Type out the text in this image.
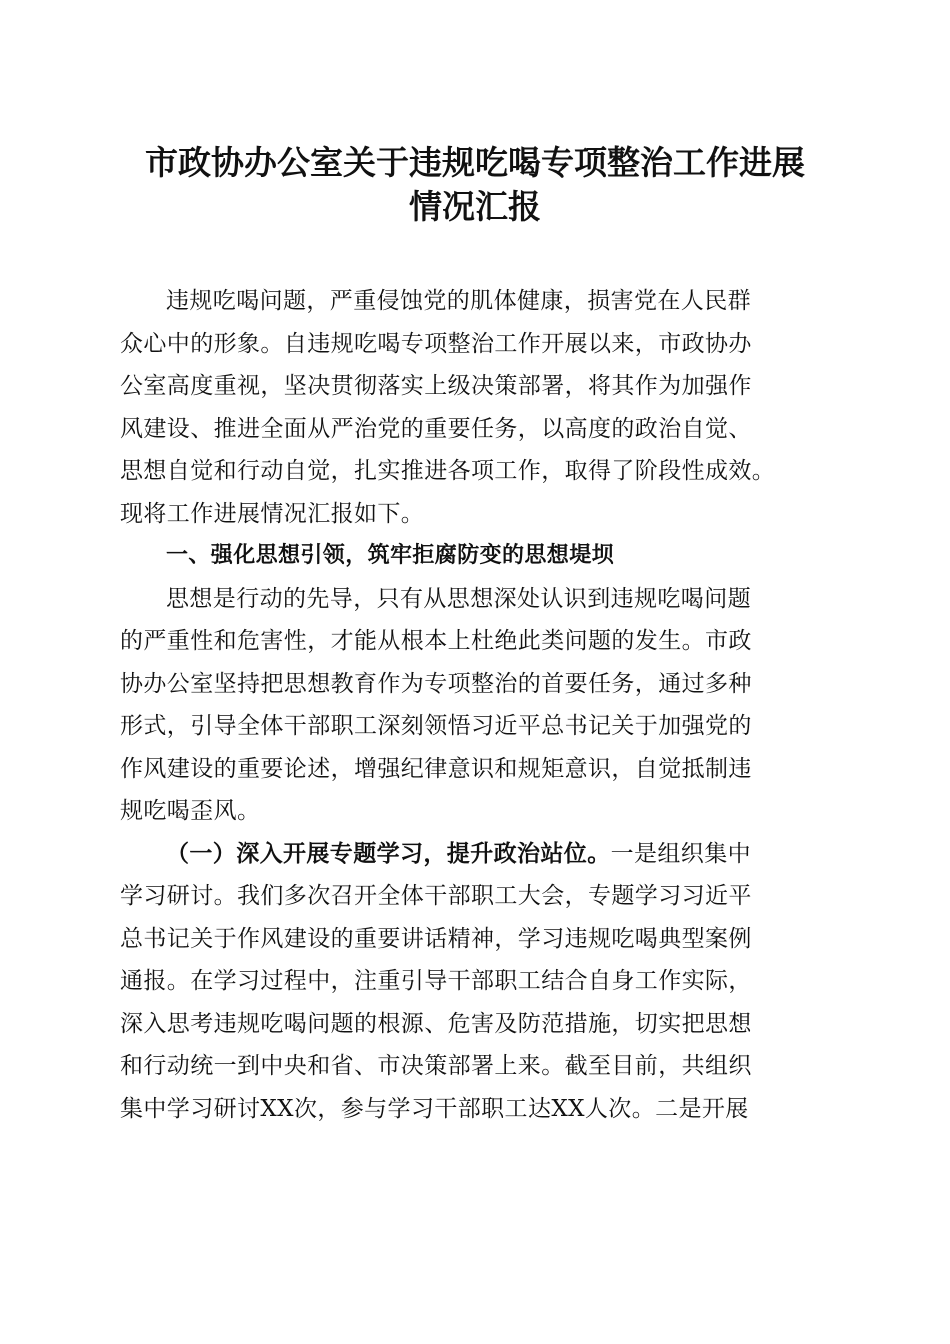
市政协办公室关于违规吃喝专项整治工作进展
情况汇报
违规吃喝问题，严重侵蚀党的肌体健康，损害党在人民群
众心中的形象。自违规吃喝专项整治工作开展以来，市政协办
公室高度重视，坚决贯彻落实上级决策部署，将其作为加强作
风建设、推进全面从严治党的重要任务，以高度的政治自觉、
思想自觉和行动自觉，扎实推进各项工作，取得了阶段性成效。
现将工作进展情况汇报如下。
一、强化思想引领，筑牢拒腐防变的思想堤坝
思想是行动的先导，只有从思想深处认识到违规吃喝问题
的严重性和危害性，才能从根本上杜绝此类问题的发生。市政
协办公室坚持把思想教育作为专项整治的首要任务，通过多种
形式，引导全体干部职工深刻领悟习近平总书记关于加强党的
作风建设的重要论述，增强纪律意识和规矩意识，自觉抵制违
规吃喝歪风。
（一）深入开展专题学习，提升政治站位。一是组织集中
学习研讨。我们多次召开全体干部职工大会，专题学习习近平
总书记关于作风建设的重要讲话精神，学习违规吃喝典型案例
通报。在学习过程中，注重引导干部职工结合自身工作实际，
深入思考违规吃喝问题的根源、危害及防范措施，切实把思想
和行动统一到中央和省、市决策部署上来。截至目前，共组织
集中学习研讨XX次，参与学习干部职工达XX人次。二是开展
